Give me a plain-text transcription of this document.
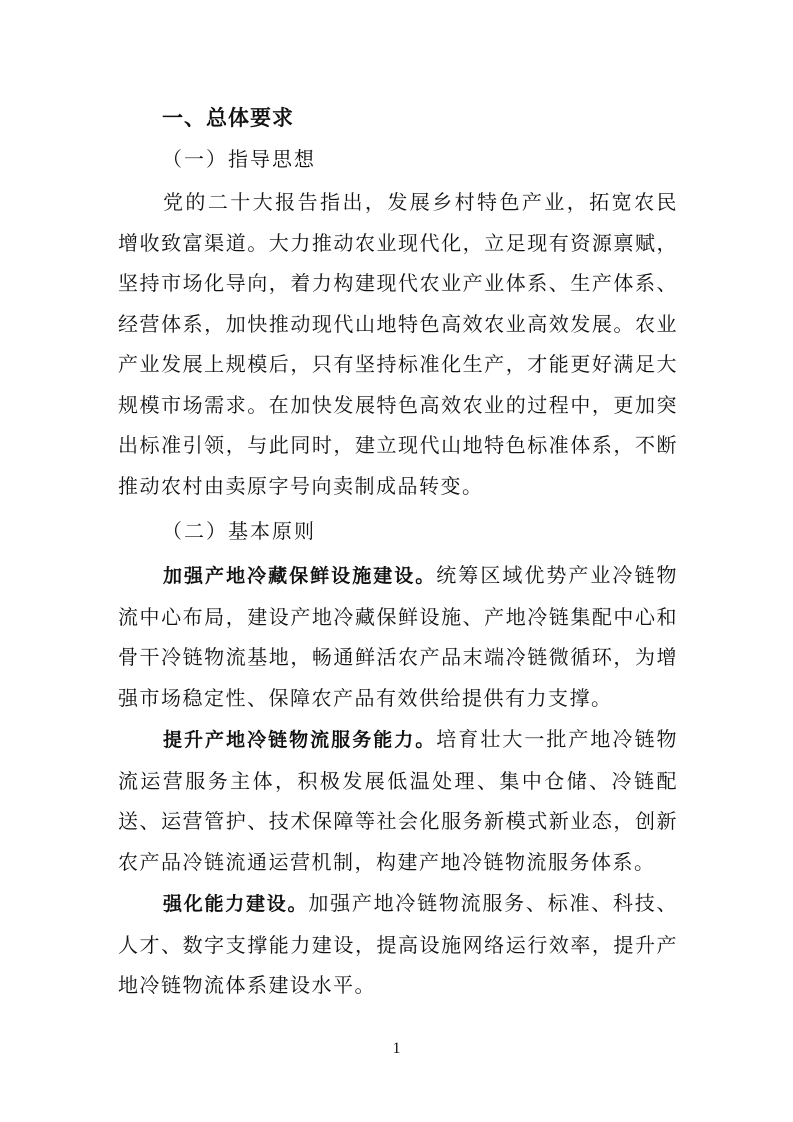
一、总体要求
（一）指导思想
党的二十大报告指出，发展乡村特色产业，拓宽农民增收致富渠道。大力推动农业现代化，立足现有资源禀赋，坚持市场化导向，着力构建现代农业产业体系、生产体系、经营体系，加快推动现代山地特色高效农业高效发展。农业产业发展上规模后，只有坚持标准化生产，才能更好满足大规模市场需求。在加快发展特色高效农业的过程中，更加突出标准引领，与此同时，建立现代山地特色标准体系，不断推动农村由卖原字号向卖制成品转变。
（二）基本原则
加强产地冷藏保鲜设施建设。统筹区域优势产业冷链物流中心布局，建设产地冷藏保鲜设施、产地冷链集配中心和骨干冷链物流基地，畅通鲜活农产品末端冷链微循环，为增强市场稳定性、保障农产品有效供给提供有力支撑。
提升产地冷链物流服务能力。培育壮大一批产地冷链物流运营服务主体，积极发展低温处理、集中仓储、冷链配送、运营管护、技术保障等社会化服务新模式新业态，创新农产品冷链流通运营机制，构建产地冷链物流服务体系。
强化能力建设。加强产地冷链物流服务、标准、科技、人才、数字支撑能力建设，提高设施网络运行效率，提升产地冷链物流体系建设水平。
1
